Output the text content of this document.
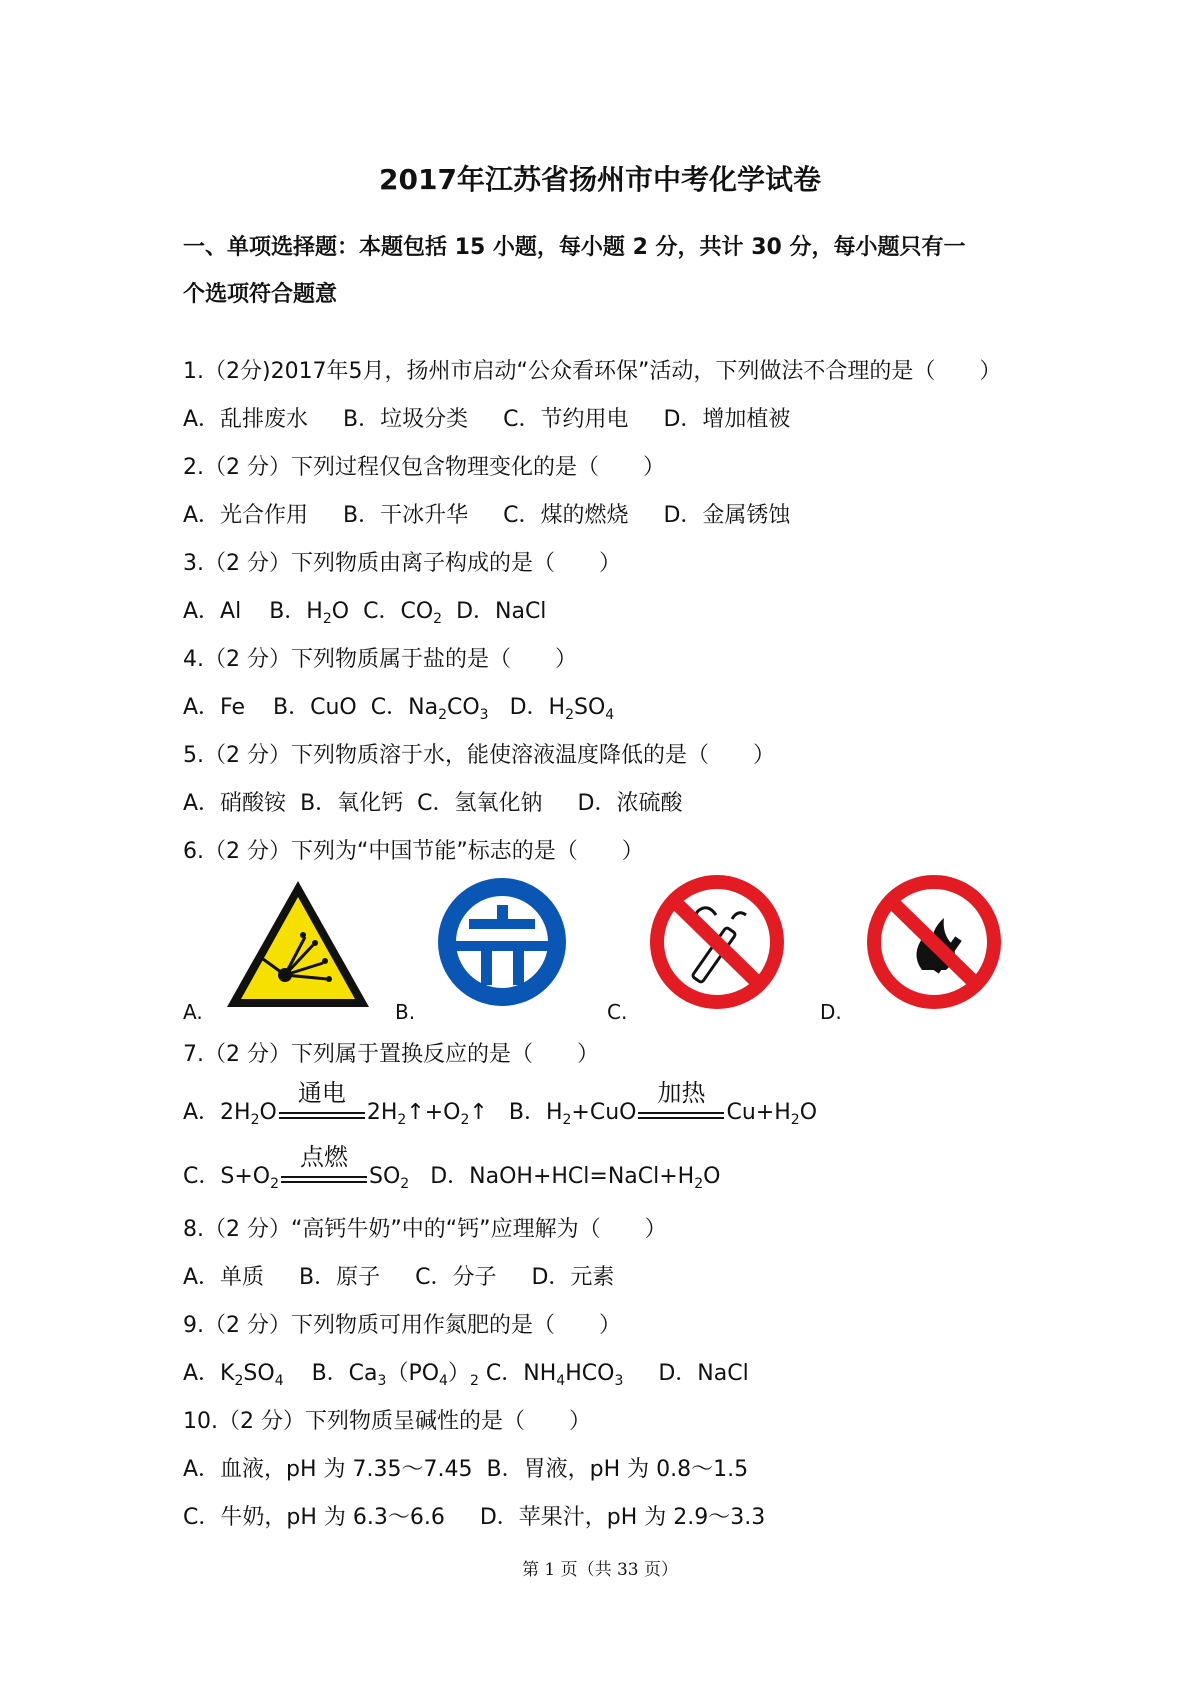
2017年江苏省扬州市中考化学试卷
一、单项选择题：本题包括 15 小题，每小题 2 分，共计 30 分，每小题只有一
个选项符合题意
1.（2分)2017年5月，扬州市启动“公众看环保”活动，下列做法不合理的是（　　）
A．乱排废水 B．垃圾分类 C．节约用电 D．增加植被
2.（2 分）下列过程仅包含物理变化的是（　　）
A．光合作用 B．干冰升华 C．煤的燃烧 D．金属锈蚀
3.（2 分）下列物质由离子构成的是（　　）
A．Al B．$H_2O$ C．$CO_2$ D．NaCl
4.（2 分）下列物质属于盐的是（　　）
A．Fe B．CuO C．$Na_2CO_3$ D．$H_2SO_4$
5.（2 分）下列物质溶于水，能使溶液温度降低的是（　　）
A．硝酸铵 B．氧化钙 C．氢氧化钠 D．浓硫酸
6.（2 分）下列为“中国节能”标志的是（　　）
A.	B.	C.	D.
7.（2 分）下列属于置换反应的是（　　）
A．$2H_2O$
通电
$2H_2↑+O_2↑$   B．$H_2+CuO$
加热
$Cu+H_2O$
C．$S+O_2$
点燃
$SO_2$ D．$NaOH+HCl=NaCl+H_2O$
8.（2 分）“高钙牛奶”中的“钙”应理解为（　　）
A．单质 B．原子 C．分子 D．元素
9.（2 分）下列物质可用作氮肥的是（　　）
A．$K_2SO_4$ B．$Ca_3(PO_4)_2$ C．$NH_4HCO_3$ D．NaCl
10.（2 分）下列物质呈碱性的是（　　）
A．血液，pH 为 7.35～7.45 B．胃液，pH 为 0.8～1.5
C．牛奶，pH 为 6.3～6.6 D．苹果汁，pH 为 2.9～3.3
第 1 页（共 33 页）
